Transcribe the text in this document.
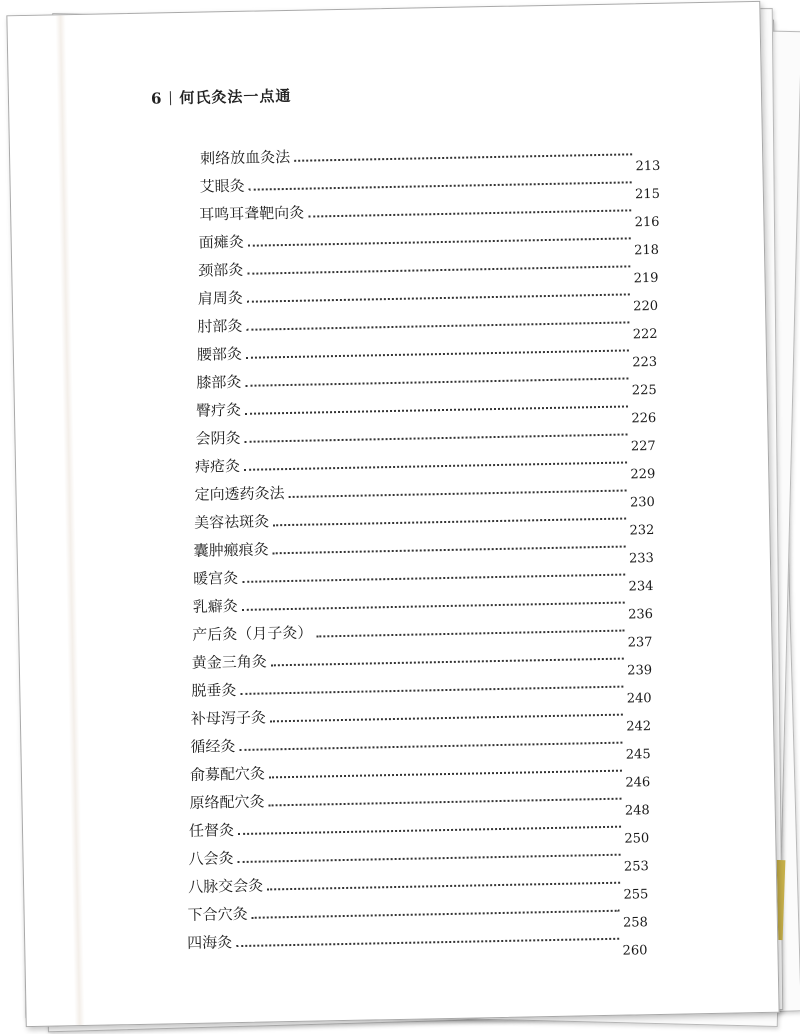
6 何氏灸法一点通
刺络放血灸法	213
艾眼灸	215
耳鸣耳聋靶向灸	216
面瘫灸	218
颈部灸	219
肩周灸	220
肘部灸	222
腰部灸	223
膝部灸	225
臀疗灸	226
会阴灸	227
痔疮灸	229
定向透药灸法	230
美容祛斑灸	232
囊肿瘢痕灸	233
暖宫灸	234
乳癖灸	236
产后灸（月子灸）	237
黄金三角灸	239
脱垂灸	240
补母泻子灸	242
循经灸	245
俞募配穴灸	246
原络配穴灸	248
任督灸	250
八会灸	253
八脉交会灸	255
下合穴灸	258
四海灸	260
